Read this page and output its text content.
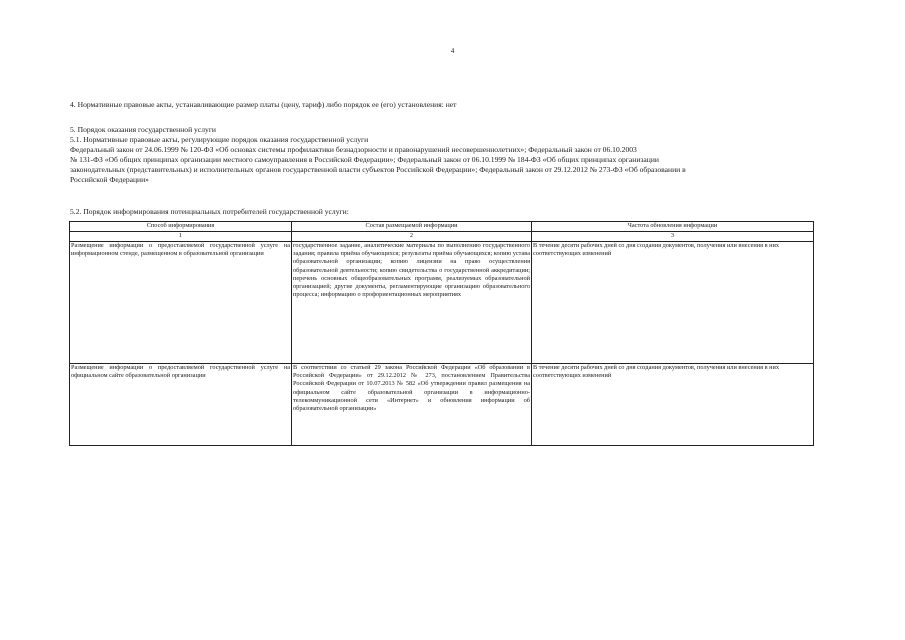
4
4. Нормативные правовые акты, устанавливающие размер платы (цену, тариф) либо порядок ее (его) установления: нет
5. Порядок оказания государственной услуги
5.1. Нормативные правовые акты, регулирующие порядок оказания государственной услуги
Федеральный закон от 24.06.1999 № 120-ФЗ «Об основах системы профилактики безнадзорности и правонарушений несовершеннолетних»; Федеральный закон от 06.10.2003
№ 131-ФЗ «Об общих принципах организации местного самоуправления в Российской Федерации»; Федеральный закон от 06.10.1999 № 184-ФЗ «Об общих принципах организации
законодательных (представительных) и исполнительных органов государственной власти субъектов Российской Федерации»; Федеральный закон от 29.12.2012 № 273-ФЗ «Об образовании в
Российской Федерации»
5.2. Порядок информирования потенциальных потребителей государственной услуги:
Способ информирования	Состав размещаемой информации	Частота обновления информации
1	2	3
Размещение информации о предоставляемой государственной услуге на информационном стенде, размещенном в образовательной организации	государственное задание, аналитические материалы по выполнению государственного задания; правила приёма обучающихся; результаты приёма обучающихся; копию устава образовательной организации; копию лицензии на право осуществления образовательной деятельности; копию свидетельства о государственной аккредитации; перечень основных общеобразовательных программ, реализуемых образовательной организацией; другие документы, регламентирующие организацию образовательного процесса; информацию о профориентационных мероприятиях	В течение десяти рабочих дней со дня создания документов, получения или внесения в них соответствующих изменений
Размещение информации о предоставляемой государственной услуге на официальном сайте образовательной организации	В соответствии со статьей 29 закона Российской Федерации «Об образовании в Российской Федерации» от 29.12.2012 № 273, постановлением Правительства Российской Федерации от 10.07.2013 № 582 «Об утверждении правил размещения на официальном сайте образовательной организации в информационно-телекоммуникационной сети «Интернет» и обновления информации об образовательной организации»	В течение десяти рабочих дней со дня создания документов, получения или внесения в них соответствующих изменений
